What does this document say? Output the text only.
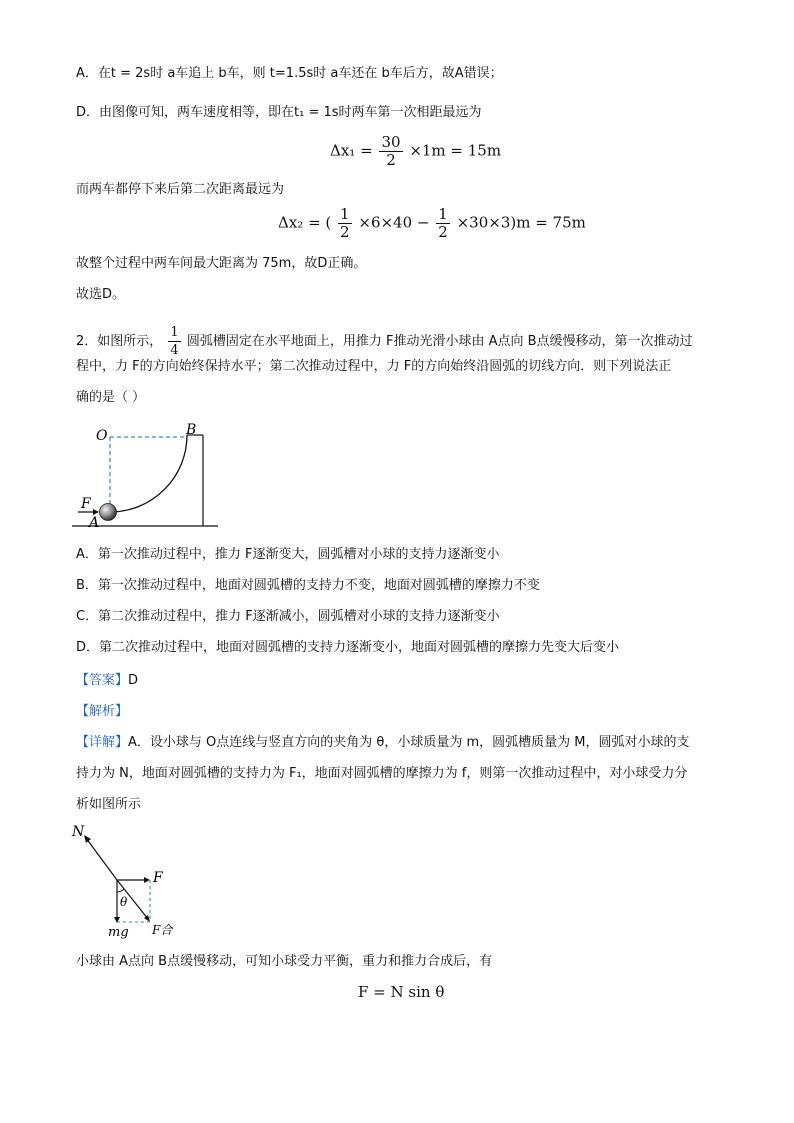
A．在t = 2s时 a车追上 b车，则 t=1.5s时 a车还在 b车后方，故A错误；
D．由图像可知，两车速度相等，即在t₁ = 1s时两车第一次相距最远为
$\Delta x_1 = \frac{30}{2} \times 1m = 15m$
而两车都停下来后第二次距离最远为
Δx₂ = ( $\frac{1}{2} \times 6\times 40 - \frac{1}{2} \times 30\times 3)m = 75m$
故整个过程中两车间最大距离为 75m，故D正确。
故选D。
2．如图所示， $\frac{1}{4}$ 圆弧槽固定在水平地面上，用推力 F推动光滑小球由 A点向 B点缓慢移动，第一次推动过
程中，力 F的方向始终保持水平；第二次推动过程中，力 F的方向始终沿圆弧的切线方向．则下列说法正
确的是（ ）
O	B
F
A
A．第一次推动过程中，推力 F逐渐变大，圆弧槽对小球的支持力逐渐变小
B．第一次推动过程中，地面对圆弧槽的支持力不变，地面对圆弧槽的摩擦力不变
C．第二次推动过程中，推力 F逐渐减小，圆弧槽对小球的支持力逐渐变小
D．第二次推动过程中，地面对圆弧槽的支持力逐渐变小，地面对圆弧槽的摩擦力先变大后变小
【答案】D
【解析】
【详解】A．设小球与 O点连线与竖直方向的夹角为 θ，小球质量为 m，圆弧槽质量为 M，圆弧对小球的支
持力为 N，地面对圆弧槽的支持力为 F₁，地面对圆弧槽的摩擦力为 f，则第一次推动过程中，对小球受力分
析如图所示
N
F
θ
mg F合
小球由 A点向 B点缓慢移动，可知小球受力平衡，重力和推力合成后，有
F = N sin θ
